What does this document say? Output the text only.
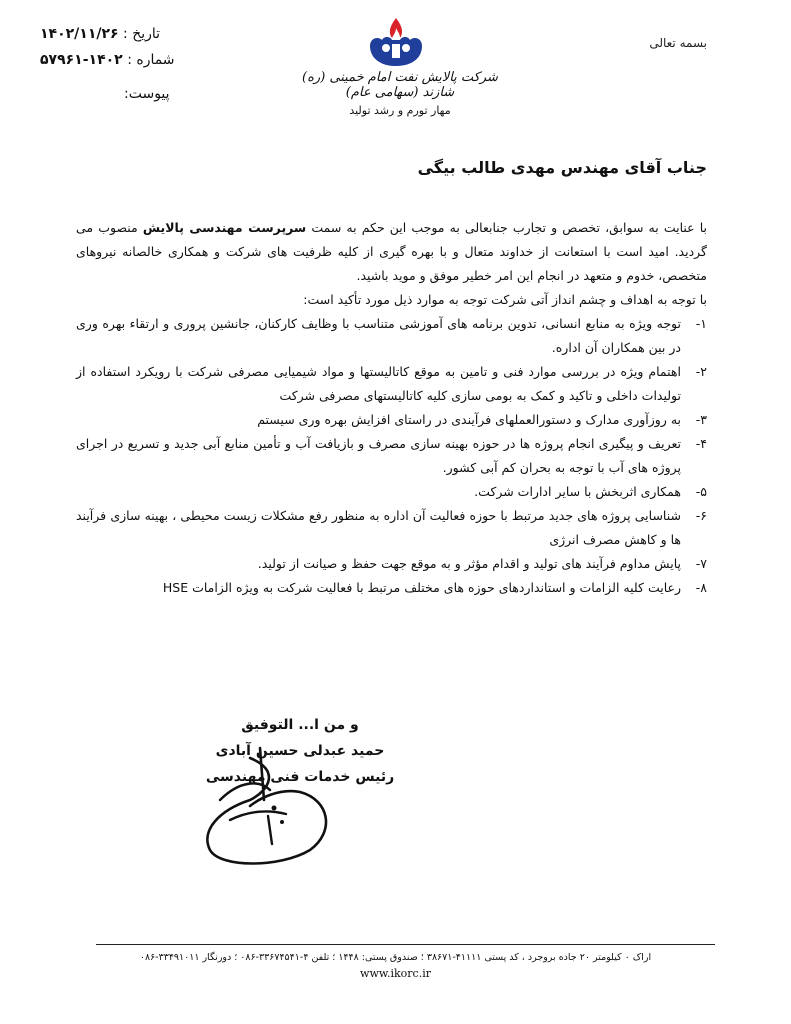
تاریخ : ۱۴۰۲/۱۱/۲۶
شماره : ۱۴۰۲-۵۷۹۶۱
پیوست:
بسمه تعالی
شرکت پالایش نفت امام خمینی (ره) شازند (سهامی عام)
مهار تورم و رشد تولید
جناب آقای مهندس مهدی طالب بیگی

با عنایت به سوابق، تخصص و تجارب جنابعالی به موجب این حکم به سمت سرپرست مهندسی پالایش منصوب می گردید. امید است با استعانت از خداوند متعال و با بهره گیری از کلیه ظرفیت های شرکت و همکاری خالصانه نیروهای متخصص، خدوم و متعهد در انجام این امر خطیر موفق و موید باشید.

با توجه به اهداف و چشم انداز آتی شرکت توجه به موارد ذیل مورد تأکید است:

۱-
توجه ویژه به منابع انسانی، تدوین برنامه های آموزشی متناسب با وظایف کارکنان، جانشین پروری و ارتقاء بهره وری در بین همکاران آن اداره.
۲-
اهتمام ویژه در بررسی موارد فنی و تامین به موقع کاتالیستها و مواد شیمیایی مصرفی شرکت با رویکرد استفاده از تولیدات داخلی و تاکید و کمک به بومی سازی کلیه کاتالیستهای مصرفی شرکت
۳-
به روزآوری مدارک و دستورالعملهای فرآیندی در راستای افزایش بهره وری سیستم
۴-
تعریف و پیگیری انجام پروژه ها در حوزه بهینه سازی مصرف و بازیافت آب و تأمین منابع آبی جدید و تسریع در اجرای پروژه های آب با توجه به بحران کم آبی کشور.
۵-
همکاری اثربخش با سایر ادارات شرکت.
۶-
شناسایی پروژه های جدید مرتبط با حوزه فعالیت آن اداره به منظور رفع مشکلات زیست محیطی ، بهینه سازی فرآیند ها و کاهش مصرف انرژی
۷-
پایش مداوم فرآیند های تولید و اقدام مؤثر و به موقع جهت حفظ و صیانت از تولید.
۸-
رعایت کلیه الزامات و استانداردهای حوزه های مختلف مرتبط با فعالیت شرکت به ویژه الزامات HSE
و من ا... التوفیق
حمید عبدلی حسین آبادی
رئیس خدمات فنی مهندسی
اراک ۰ کیلومتر ۲۰ جاده بروجرد ، کد پستی ۴۱۱۱۱-۳۸۶۷۱ ؛ صندوق پستی: ۱۴۴۸ ؛ تلفن ۴-۳۳۶۷۴۵۴۱-۰۸۶ ؛ دورنگار ۳۳۴۹۱۰۱۱-۰۸۶
www.ikorc.ir
